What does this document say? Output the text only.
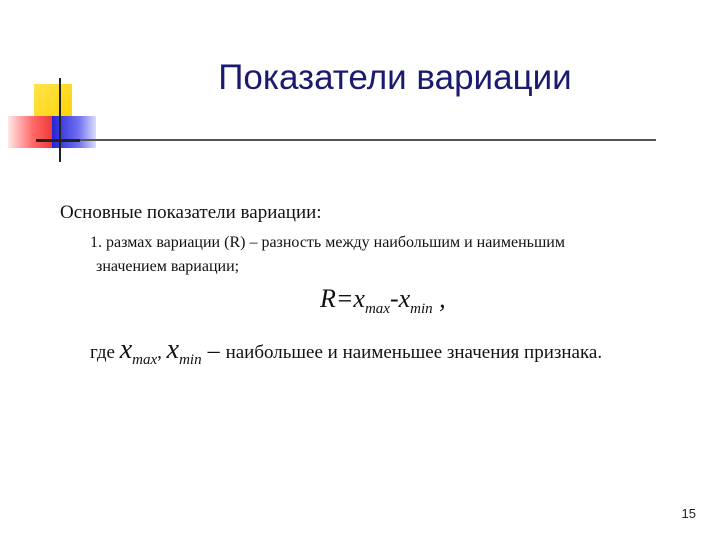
Показатели вариации
Основные показатели вариации:
1. размах вариации (R) – разность между наибольшим и наименьшим
значением вариации;
$R=x_{max}-x_{min}$ ,
где $x_{max}$, $x_{min}$ – наибольшее и наименьшее значения признака.
15
